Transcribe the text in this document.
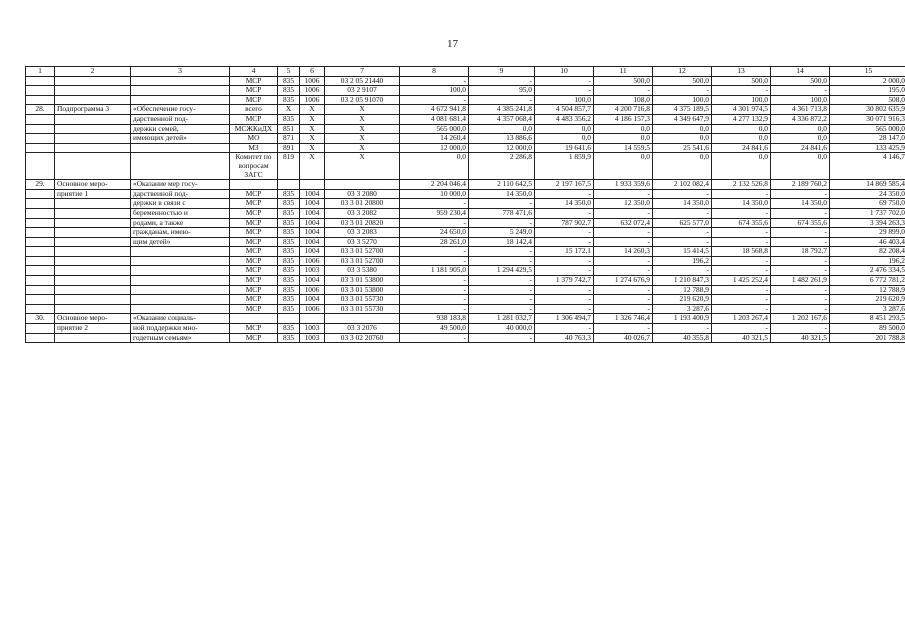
17
1	2	3	4	5	6	7	8	9	10	11	12	13	14	15
			МСР	835	1006	03 2 05 21440	-	-	-	500,0	500,0	500,0	500,0	2 000,0
			МСР	835	1006	03 2 9107	100,0	95,0	-	-	-	-	-	195,0
			МСР	835	1006	03 2 05 91070	-	-	100,0	108,0	100,0	100,0	100,0	508,0
28.	Подпрограмма 3	«Обеспечение госу-	всего	X	X	X	4 672 941,8	4 385 241,8	4 504 857,7	4 200 716,8	4 375 189,5	4 301 974,5	4 361 713,8	30 802 635,9
		дарственной под-	МСР	835	X	X	4 081 681,4	4 357 068,4	4 483 356,2	4 186 157,3	4 349 647,9	4 277 132,9	4 336 872,2	30 071 916,3
		держки семей,	МСЖКиДХ	851	X	X	565 000,0	0,0	0,0	0,0	0,0	0,0	0,0	565 000,0
		имеющих детей»	МО	871	X	X	14 260,4	13 886,6	0,0	0,0	0,0	0,0	0,0	28 147,0
			МЗ	891	X	X	12 000,0	12 000,0	19 641,6	14 559,5	25 541,6	24 841,6	24 841,6	133 425,9
			Комитет по вопросам ЗАГС	819	X	X	0,0	2 286,8	1 859,9	0,0	0,0	0,0	0,0	4 146,7
29.	Основное меро-	«Оказание мер госу-					2 204 046,4	2 110 642,5	2 197 167,5	1 933 359,6	2 102 082,4	2 132 526,8	2 189 760,2	14 869 585,4
	приятие 1	дарственной под-	МСР	835	1004	03 3 2080	10 000,0	14 350,0	-	-	-	-	-	24 350,0
		держки в связи с	МСР	835	1004	03 3 01 20800	-	-	14 350,0	12 350,0	14 350,0	14 350,0	14 350,0	69 750,0
		беременностью и	МСР	835	1004	03 3 2082	959 230,4	778 471,6	-	-	-	-	-	1 737 702,0
		родами, а также	МСР	835	1004	03 3 01 20820	-	-	787 902,7	632 072,4	625 577,0	674 355,6	674 355,6	3 394 263,3
		гражданам, имею-	МСР	835	1004	03 3 2083	24 650,0	5 249,0	-	-	-	-	-	29 899,0
		щим детей»	МСР	835	1004	03 3 5270	28 261,0	18 142,4	-	-	-	-	-	46 403,4
			МСР	835	1004	03 3 01 52700	-	-	15 172,1	14 260,3	15 414,5	18 568,8	18 792,7	82 208,4
			МСР	835	1006	03 3 01 52700	-	-	-	-	196,2	-	-	196,2
			МСР	835	1003	03 3 5380	1 181 905,0	1 294 429,5	-	-	-	-	-	2 476 334,5
			МСР	835	1004	03 3 01 53800	-	-	1 379 742,7	1 274 676,9	1 210 847,3	1 425 252,4	1 482 261,9	6 772 781,2
			МСР	835	1006	03 3 01 53800	-	-	-	-	12 788,9	-	-	12 788,9
			МСР	835	1004	03 3 01 55730	-	-	-	-	219 620,9	-	-	219 620,9
			МСР	835	1006	03 3 01 55730	-	-	-	-	3 287,6	-	-	3 287,6
30.	Основное меро-	«Оказание социаль-					938 183,8	1 281 032,7	1 306 494,7	1 326 746,4	1 193 400,9	1 203 267,4	1 202 167,6	8 451 293,5
	приятие 2	ной поддержки мно-	МСР	835	1003	03 3 2076	49 500,0	40 000,0	-	-	-	-	-	89 500,0
		годетным семьям»	МСР	835	1003	03 3 02 20760	-	-	40 763,3	40 026,7	40 355,8	40 321,5	40 321,5	201 788,8
